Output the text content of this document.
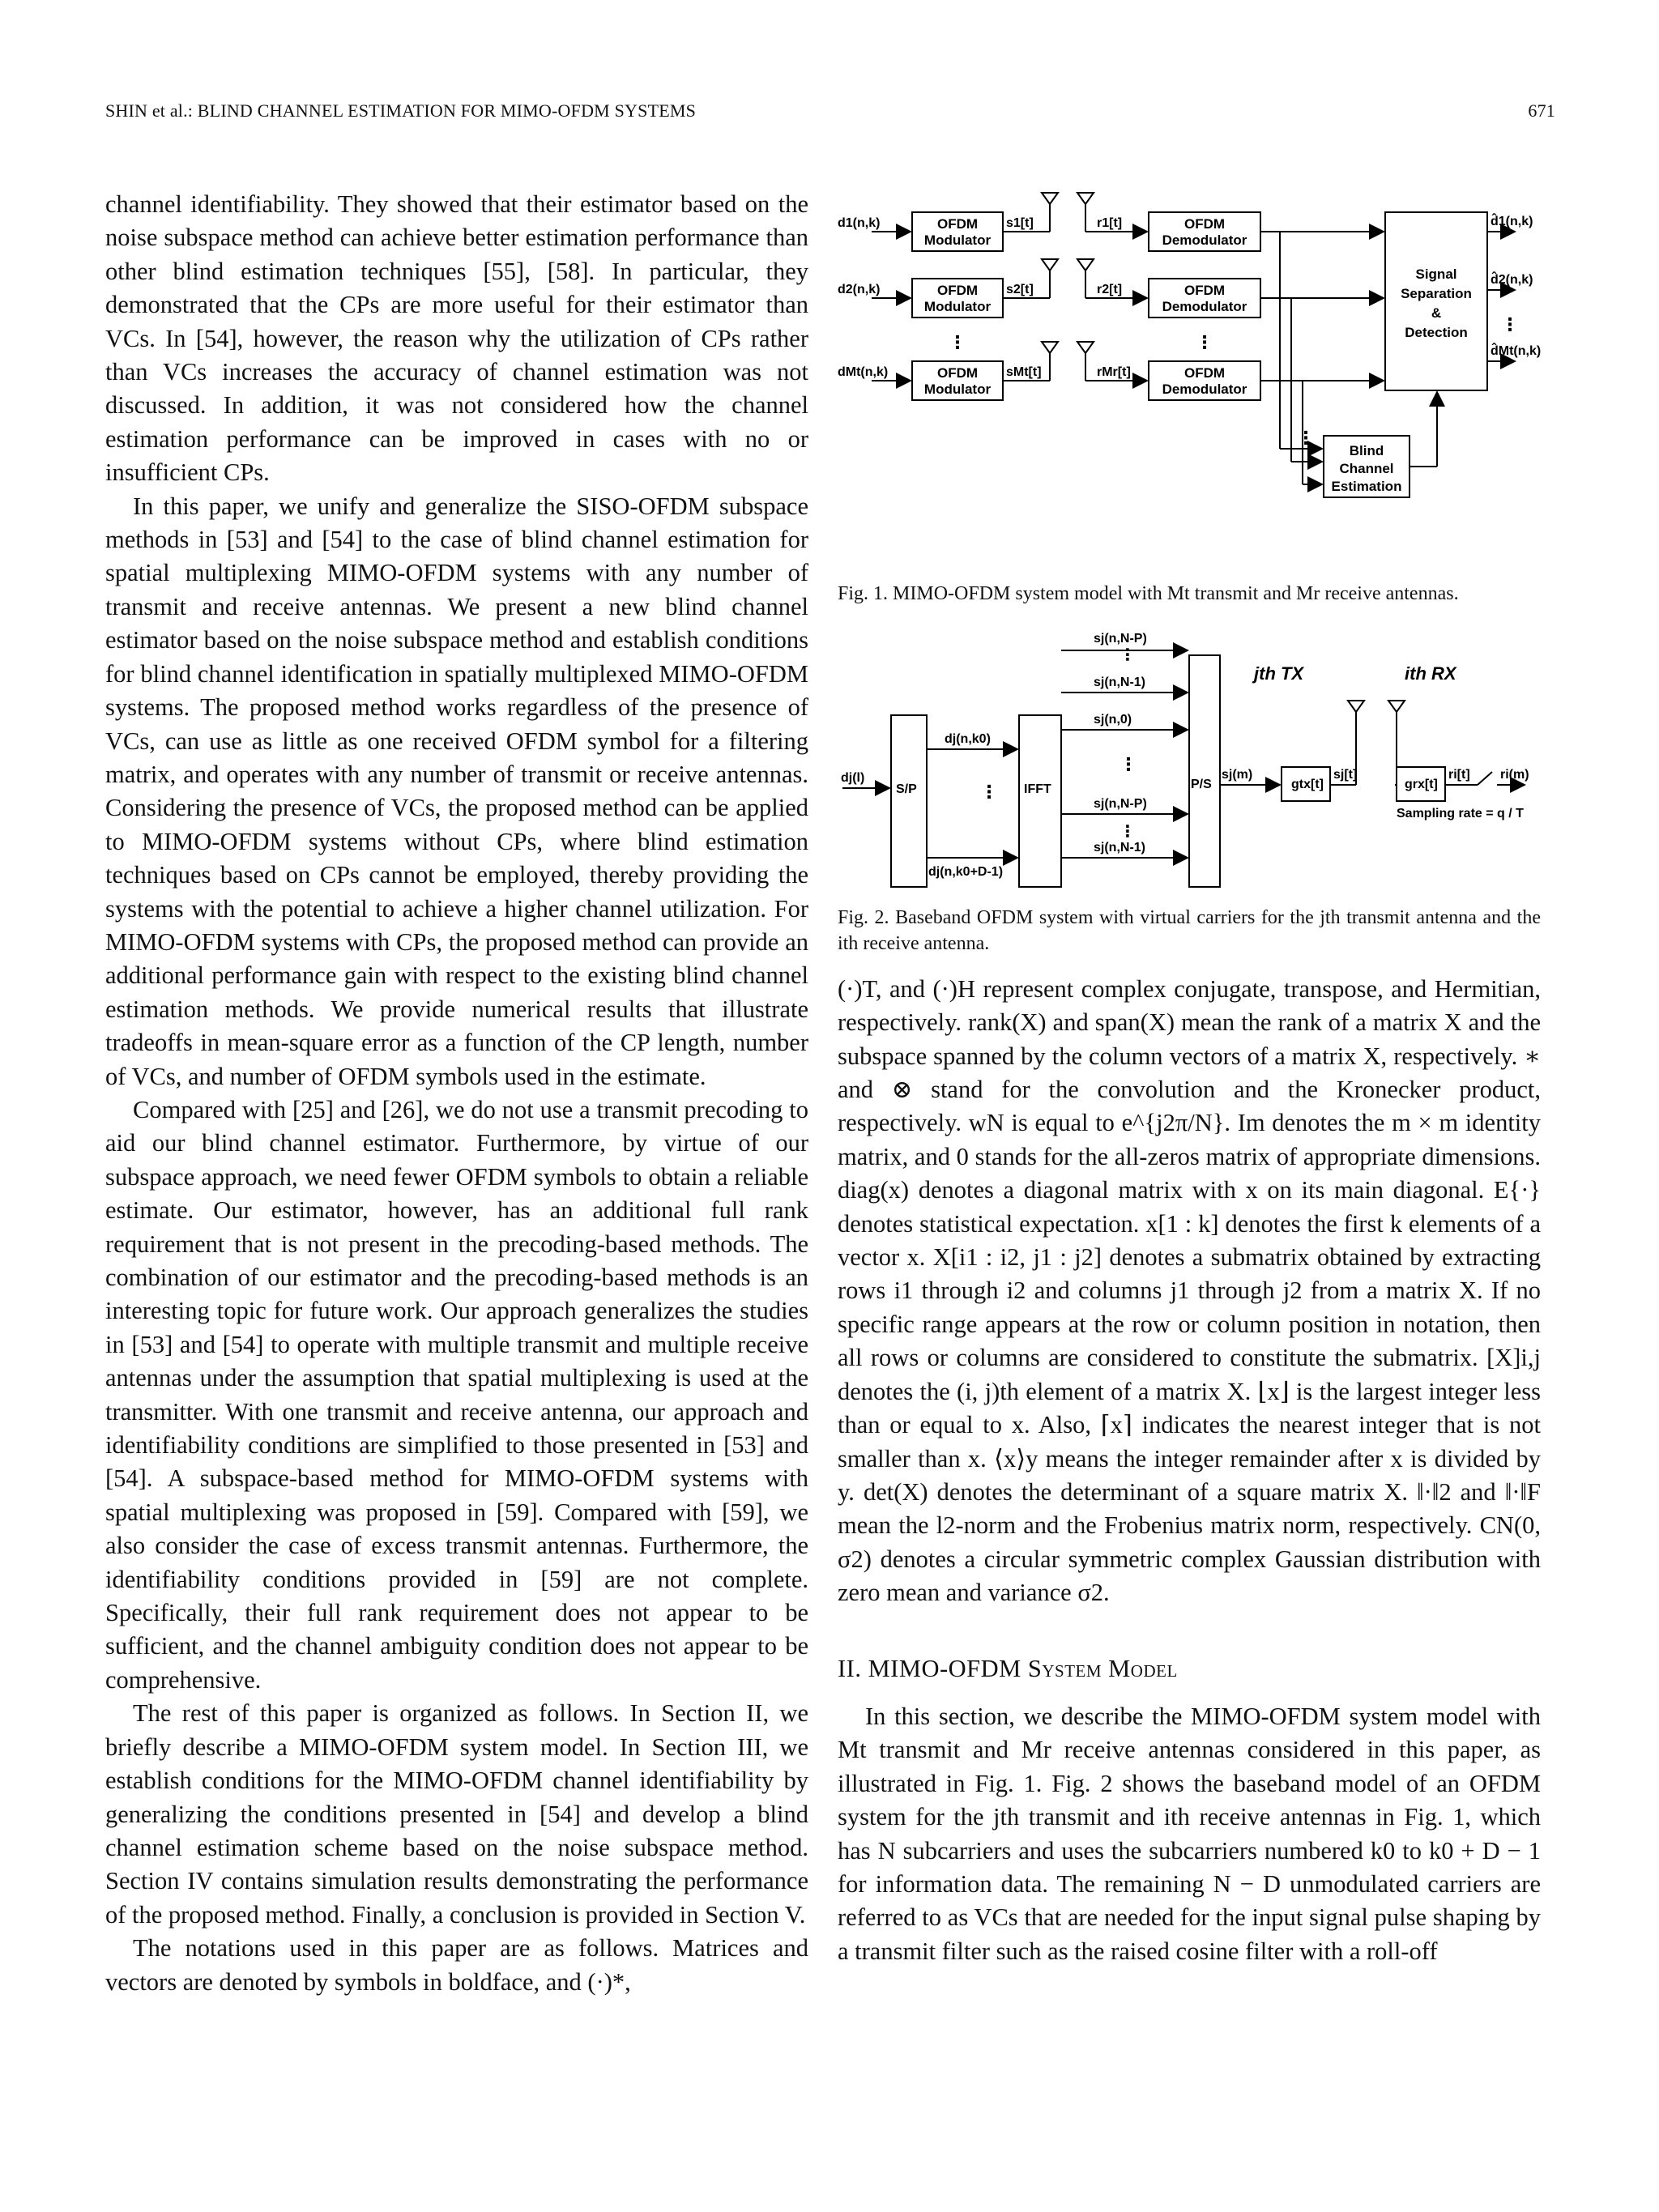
SHIN et al.: BLIND CHANNEL ESTIMATION FOR MIMO-OFDM SYSTEMS	671

channel identifiability. They showed that their estimator based on the noise subspace method can achieve better estimation performance than other blind estimation techniques [55], [58]. In particular, they demonstrated that the CPs are more useful for their estimator than VCs. In [54], however, the reason why the utilization of CPs rather than VCs increases the accuracy of channel estimation was not discussed. In addition, it was not considered how the channel estimation performance can be improved in cases with no or insufficient CPs.

In this paper, we unify and generalize the SISO-OFDM subspace methods in [53] and [54] to the case of blind channel estimation for spatial multiplexing MIMO-OFDM systems with any number of transmit and receive antennas. We present a new blind channel estimator based on the noise subspace method and establish conditions for blind channel identification in spatially multiplexed MIMO-OFDM systems. The proposed method works regardless of the presence of VCs, can use as little as one received OFDM symbol for a filtering matrix, and operates with any number of transmit or receive antennas. Considering the presence of VCs, the proposed method can be applied to MIMO-OFDM systems without CPs, where blind estimation techniques based on CPs cannot be employed, thereby providing the systems with the potential to achieve a higher channel utilization. For MIMO-OFDM systems with CPs, the proposed method can provide an additional performance gain with respect to the existing blind channel estimation methods. We provide numerical results that illustrate tradeoffs in mean-square error as a function of the CP length, number of VCs, and number of OFDM symbols used in the estimate.

Compared with [25] and [26], we do not use a transmit precoding to aid our blind channel estimator. Furthermore, by virtue of our subspace approach, we need fewer OFDM symbols to obtain a reliable estimate. Our estimator, however, has an additional full rank requirement that is not present in the precoding-based methods. The combination of our estimator and the precoding-based methods is an interesting topic for future work. Our approach generalizes the studies in [53] and [54] to operate with multiple transmit and multiple receive antennas under the assumption that spatial multiplexing is used at the transmitter. With one transmit and receive antenna, our approach and identifiability conditions are simplified to those presented in [53] and [54]. A subspace-based method for MIMO-OFDM systems with spatial multiplexing was proposed in [59]. Compared with [59], we also consider the case of excess transmit antennas. Furthermore, the identifiability conditions provided in [59] are not complete. Specifically, their full rank requirement does not appear to be sufficient, and the channel ambiguity condition does not appear to be comprehensive.

The rest of this paper is organized as follows. In Section II, we briefly describe a MIMO-OFDM system model. In Section III, we establish conditions for the MIMO-OFDM channel identifiability by generalizing the conditions presented in [54] and develop a blind channel estimation scheme based on the noise subspace method. Section IV contains simulation results demonstrating the performance of the proposed method. Finally, a conclusion is provided in Section V.

The notations used in this paper are as follows. Matrices and vectors are denoted by symbols in boldface, and (·)*,

OFDM
Modulator
OFDM
Modulator
OFDM
Modulator
OFDM
Demodulator
OFDM
Demodulator
OFDM
Demodulator
Signal
Separation
&
Detection
Blind
Channel
Estimation
⋮	⋮
⋮
⋮
d1(n,k)
d2(n,k)
dMt(n,k)
s1[t]
s2[t]
sMt[t]
r1[t]
r2[t]
rMr[t]
d̂1(n,k)
d̂2(n,k)
d̂Mt(n,k)

Fig. 1. MIMO-OFDM system model with Mt transmit and Mr receive antennas.

dj(l)
S/P	IFFT	P/S
dj(n,k0)
dj(n,k0+D-1)
sj(n,N-P)
sj(n,N-1)
sj(n,0)
sj(n,N-P)
sj(n,N-1)
sj(m)
gtx[t]
sj[t]
grx[t]
ri[t] ri(m)
Sampling rate = q / T
jth TX	ith RX
⋮
⋮
⋮
⋮

Fig. 2. Baseband OFDM system with virtual carriers for the jth transmit antenna and the ith receive antenna.

(·)T, and (·)H represent complex conjugate, transpose, and Hermitian, respectively. rank(X) and span(X) mean the rank of a matrix X and the subspace spanned by the column vectors of a matrix X, respectively. ∗ and ⊗ stand for the convolution and the Kronecker product, respectively. wN is equal to e^{j2π/N}. Im denotes the m × m identity matrix, and 0 stands for the all-zeros matrix of appropriate dimensions. diag(x) denotes a diagonal matrix with x on its main diagonal. E{·} denotes statistical expectation. x[1 : k] denotes the first k elements of a vector x. X[i1 : i2, j1 : j2] denotes a submatrix obtained by extracting rows i1 through i2 and columns j1 through j2 from a matrix X. If no specific range appears at the row or column position in notation, then all rows or columns are considered to constitute the submatrix. [X]i,j denotes the (i, j)th element of a matrix X. ⌊x⌋ is the largest integer less than or equal to x. Also, ⌈x⌉ indicates the nearest integer that is not smaller than x. ⟨x⟩y means the integer remainder after x is divided by y. det(X) denotes the determinant of a square matrix X. ‖·‖2 and ‖·‖F mean the l2-norm and the Frobenius matrix norm, respectively. CN(0, σ2) denotes a circular symmetric complex Gaussian distribution with zero mean and variance σ2.

II. MIMO-OFDM System Model

In this section, we describe the MIMO-OFDM system model with Mt transmit and Mr receive antennas considered in this paper, as illustrated in Fig. 1. Fig. 2 shows the baseband model of an OFDM system for the jth transmit and ith receive antennas in Fig. 1, which has N subcarriers and uses the subcarriers numbered k0 to k0 + D − 1 for information data. The remaining N − D unmodulated carriers are referred to as VCs that are needed for the input signal pulse shaping by a transmit filter such as the raised cosine filter with a roll-off
